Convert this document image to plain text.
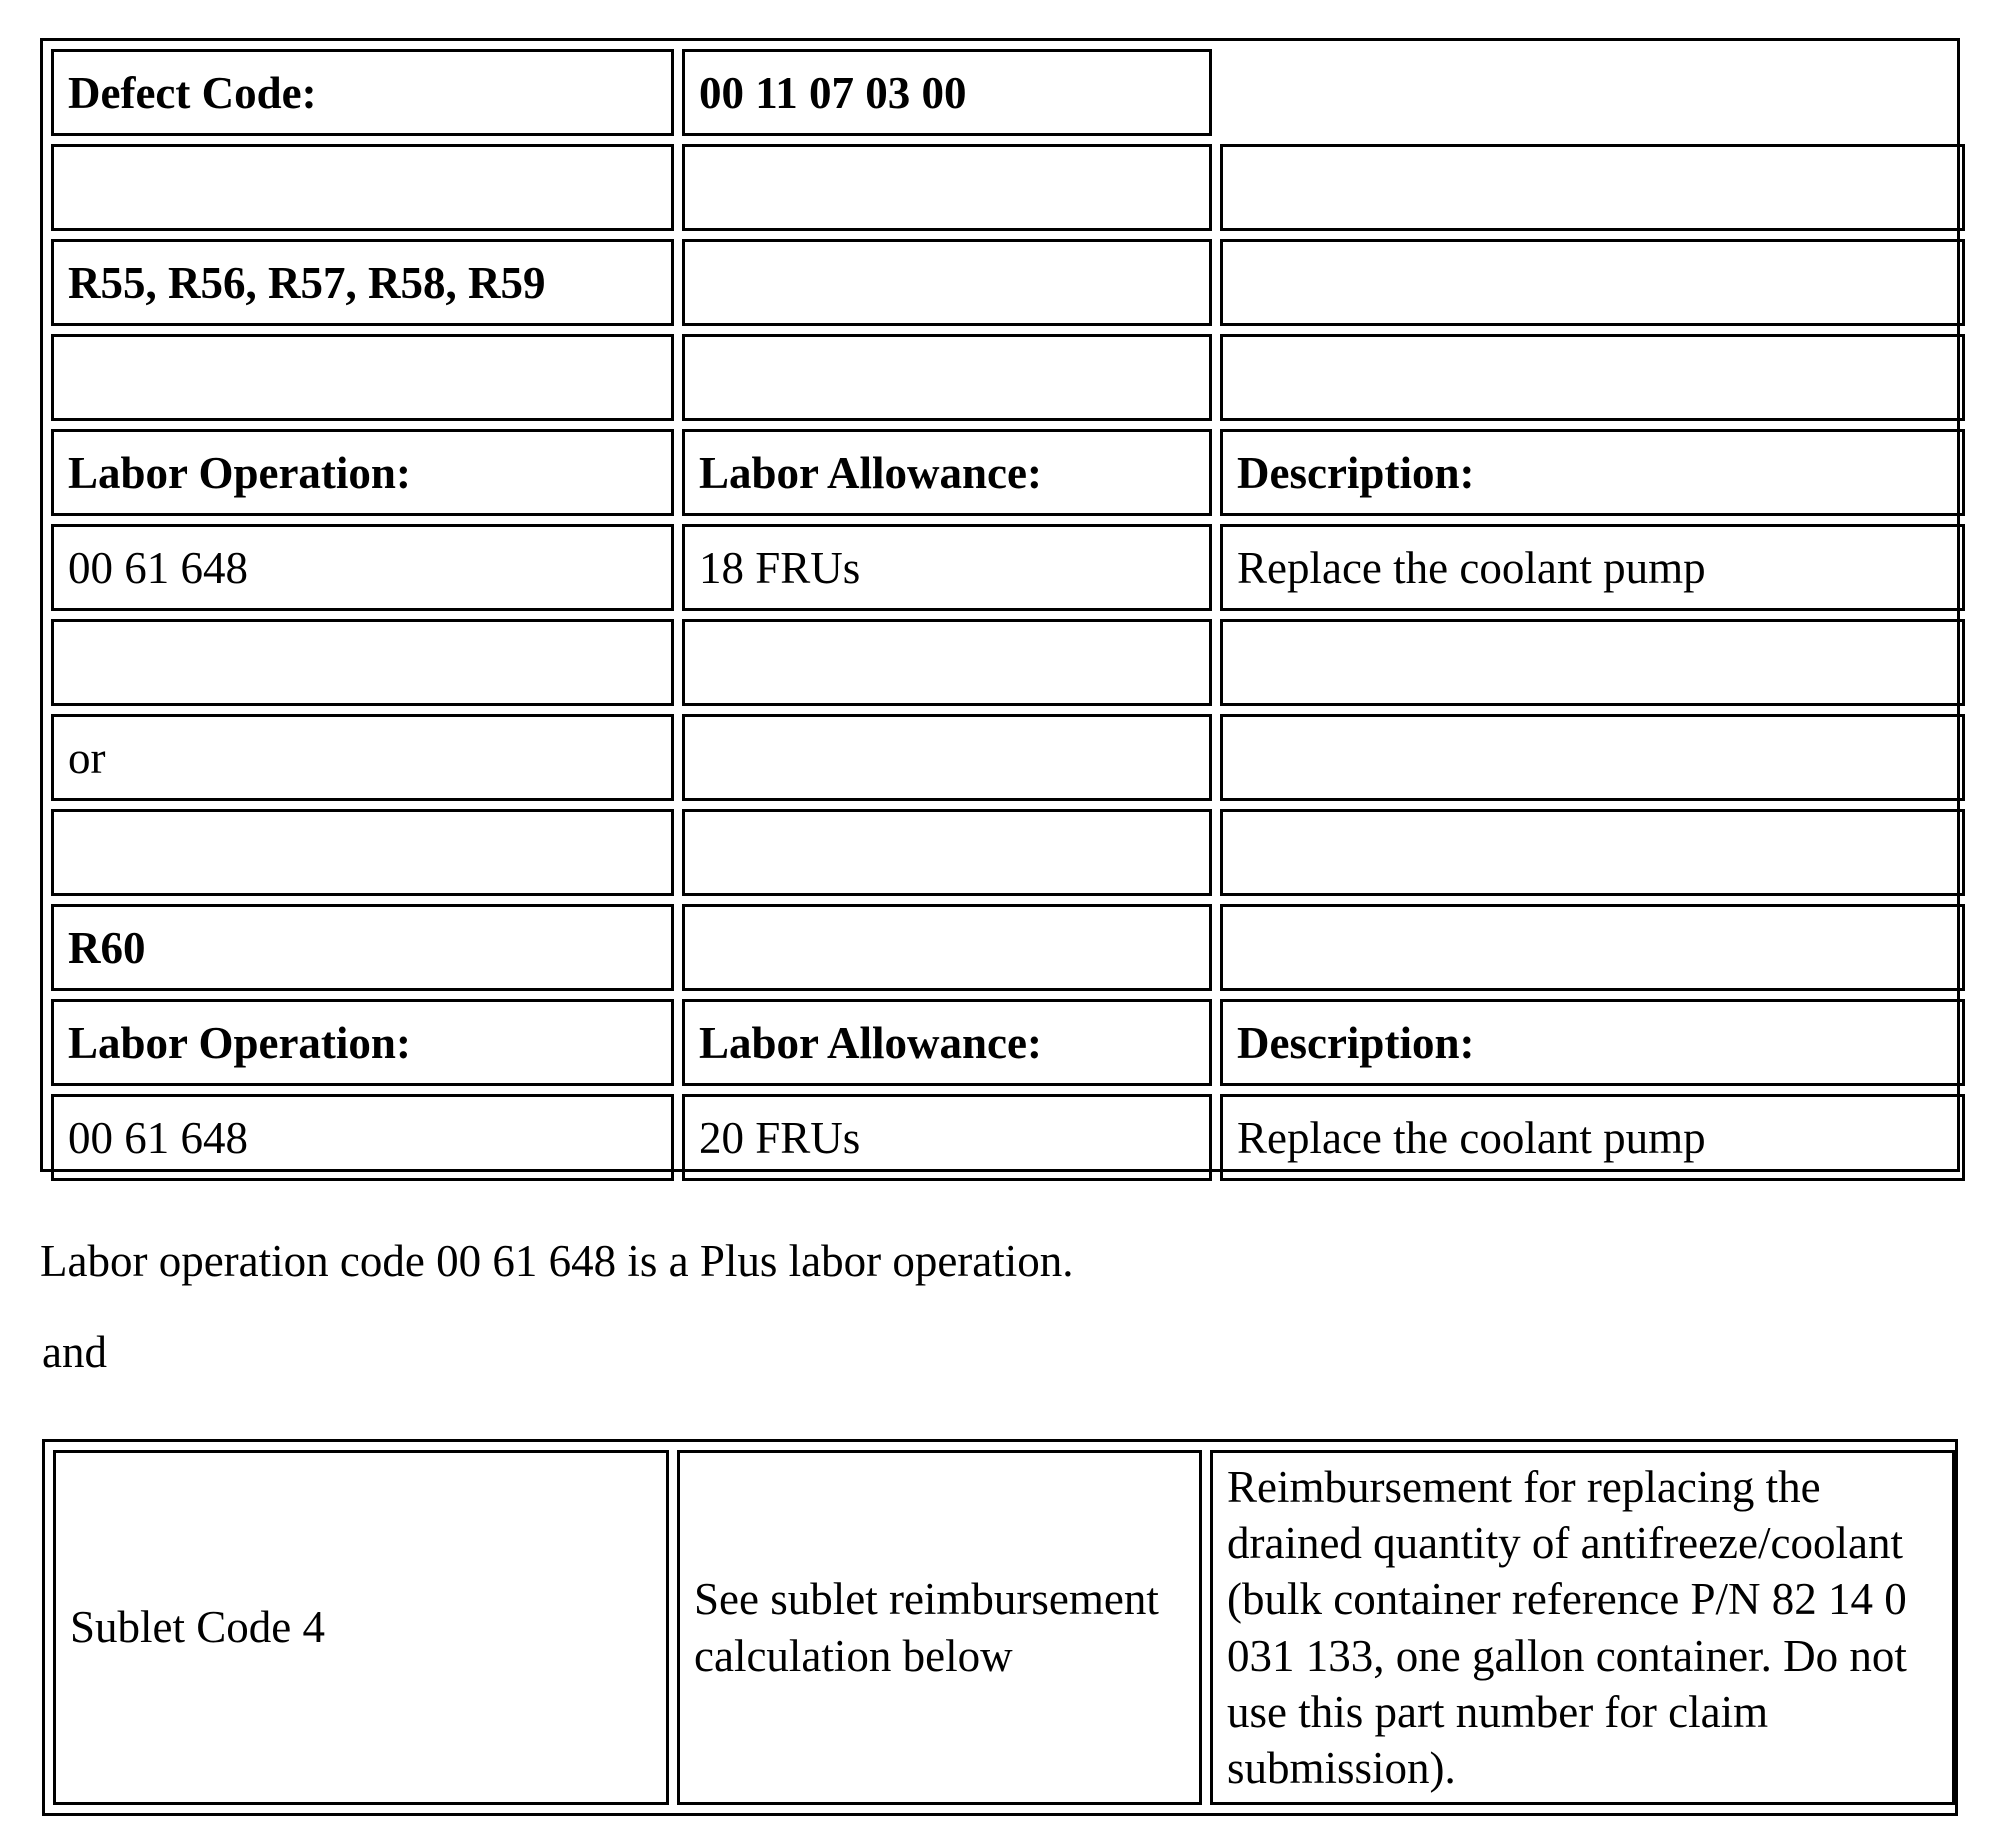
Defect Code:	00 11 07 03 00	

R55, R56, R57, R58, R59		

Labor Operation:	Labor Allowance:	Description:
00 61 648	18 FRUs	Replace the coolant pump

or		

R60		
Labor Operation:	Labor Allowance:	Description:
00 61 648	20 FRUs	Replace the coolant pump
Labor operation code 00 61 648 is a Plus labor operation.
and
Sublet Code 4	See sublet reimbursement calculation below	Reimbursement for replacing the drained quantity of antifreeze/coolant (bulk container reference P/N 82 14 0 031 133, one gallon container. Do not use this part number for claim submission).
